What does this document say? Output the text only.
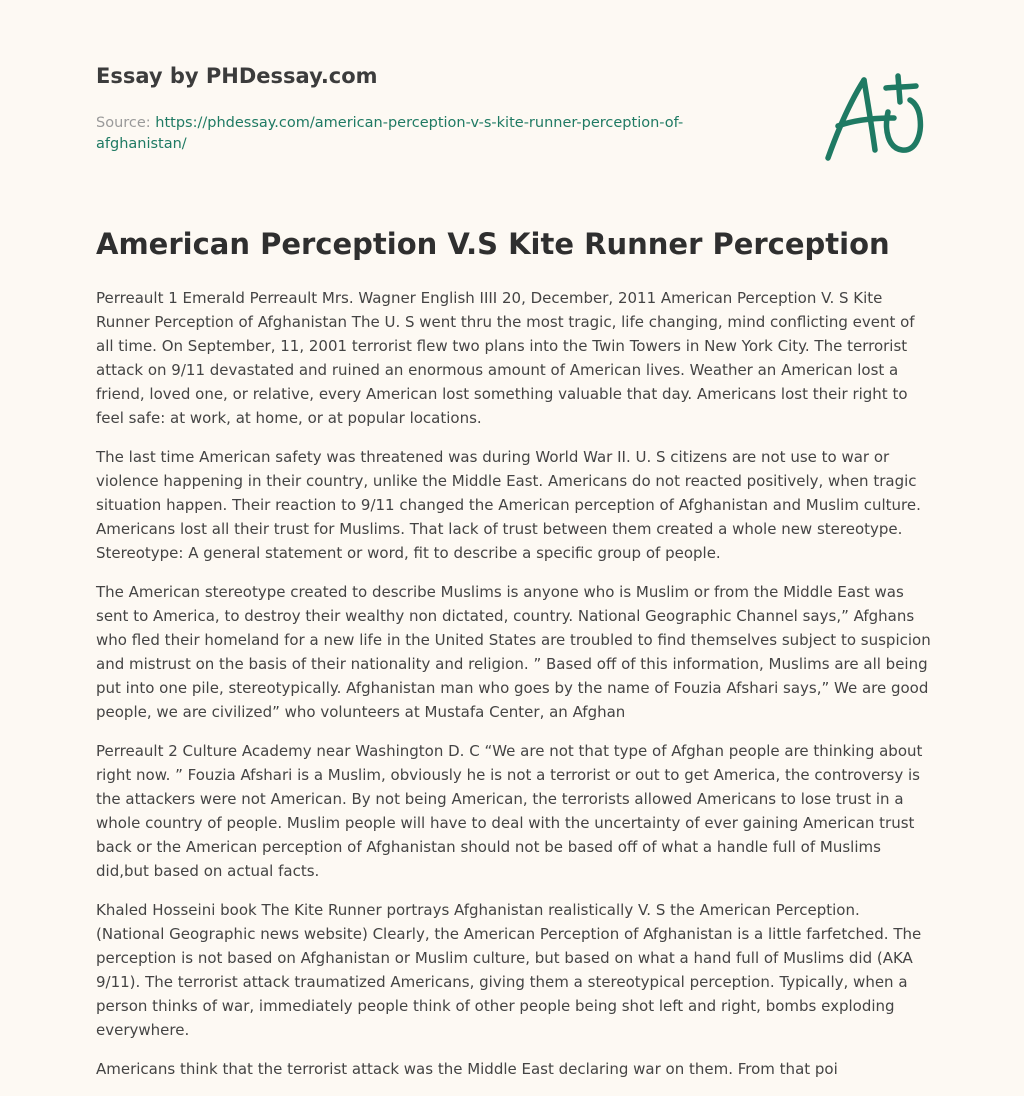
Essay by PHDessay.com

Source: https://phdessay.com/american-perception-v-s-kite-runner-perception-of-
afghanistan/

American Perception V.S Kite Runner Perception

Perreault 1 Emerald Perreault Mrs. Wagner English IIII 20, December, 2011 American Perception V. S Kite Runner Perception of Afghanistan The U. S went thru the most tragic, life changing, mind conflicting event of all time. On September, 11, 2001 terrorist flew two plans into the Twin Towers in New York City. The terrorist attack on 9/11 devastated and ruined an enormous amount of American lives. Weather an American lost a friend, loved one, or relative, every American lost something valuable that day. Americans lost their right to feel safe: at work, at home, or at popular locations.

The last time American safety was threatened was during World War II. U. S citizens are not use to war or violence happening in their country, unlike the Middle East. Americans do not reacted positively, when tragic situation happen. Their reaction to 9/11 changed the American perception of Afghanistan and Muslim culture. Americans lost all their trust for Muslims. That lack of trust between them created a whole new stereotype. Stereotype: A general statement or word, fit to describe a specific group of people.

The American stereotype created to describe Muslims is anyone who is Muslim or from the Middle East was sent to America, to destroy their wealthy non dictated, country. National Geographic Channel says,” Afghans who fled their homeland for a new life in the United States are troubled to find themselves subject to suspicion and mistrust on the basis of their nationality and religion. ” Based off of this information, Muslims are all being put into one pile, stereotypically. Afghanistan man who goes by the name of Fouzia Afshari says,” We are good people, we are civilized” who volunteers at Mustafa Center, an Afghan

Perreault 2 Culture Academy near Washington D. C “We are not that type of Afghan people are thinking about right now. ” Fouzia Afshari is a Muslim, obviously he is not a terrorist or out to get America, the controversy is the attackers were not American. By not being American, the terrorists allowed Americans to lose trust in a whole country of people. Muslim people will have to deal with the uncertainty of ever gaining American trust back or the American perception of Afghanistan should not be based off of what a handle full of Muslims did,but based on actual facts.

Khaled Hosseini book The Kite Runner portrays Afghanistan realistically V. S the American Perception. (National Geographic news website) Clearly, the American Perception of Afghanistan is a little farfetched. The perception is not based on Afghanistan or Muslim culture, but based on what a hand full of Muslims did (AKA 9/11). The terrorist attack traumatized Americans, giving them a stereotypical perception. Typically, when a person thinks of war, immediately people think of other people being shot left and right, bombs exploding everywhere.

Americans think that the terrorist attack was the Middle East declaring war on them. From that poi
